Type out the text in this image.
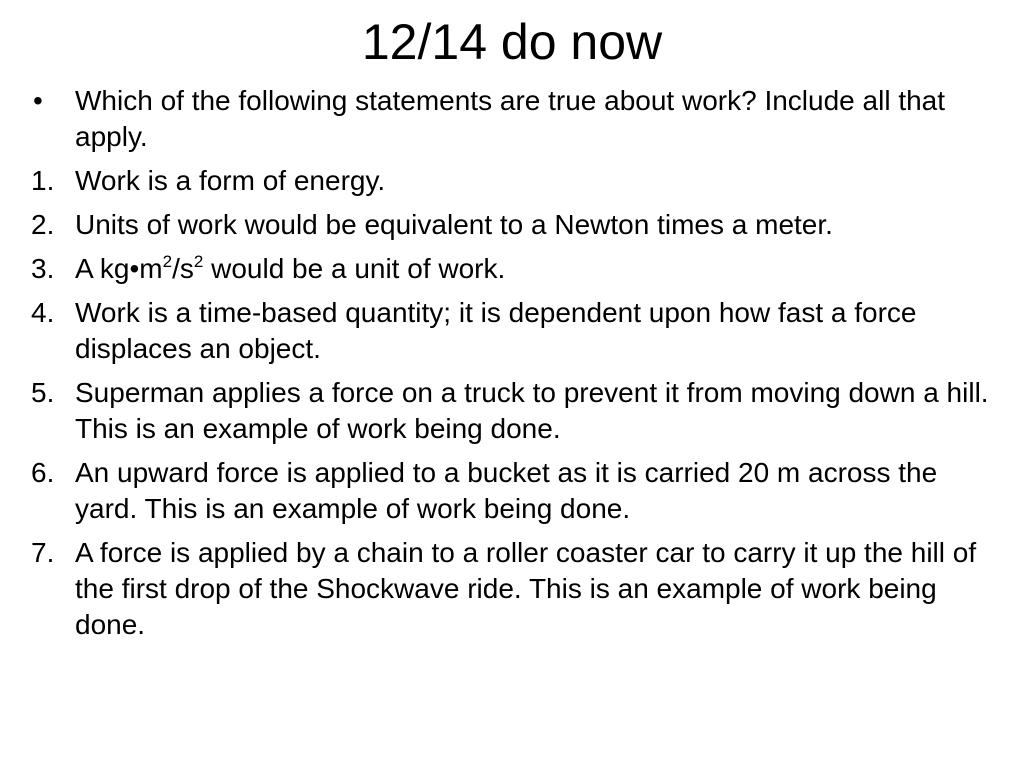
12/14 do now
• Which of the following statements are true about work? Include all that apply.
1. Work is a form of energy.
2. Units of work would be equivalent to a Newton times a meter.
3. A $kg•m^2/s^2$ would be a unit of work.
4. Work is a time-based quantity; it is dependent upon how fast a force displaces an object.
5. Superman applies a force on a truck to prevent it from moving down a hill. This is an example of work being done.
6. An upward force is applied to a bucket as it is carried 20 m across the yard. This is an example of work being done.
7. A force is applied by a chain to a roller coaster car to carry it up the hill of the first drop of the Shockwave ride. This is an example of work being done.
